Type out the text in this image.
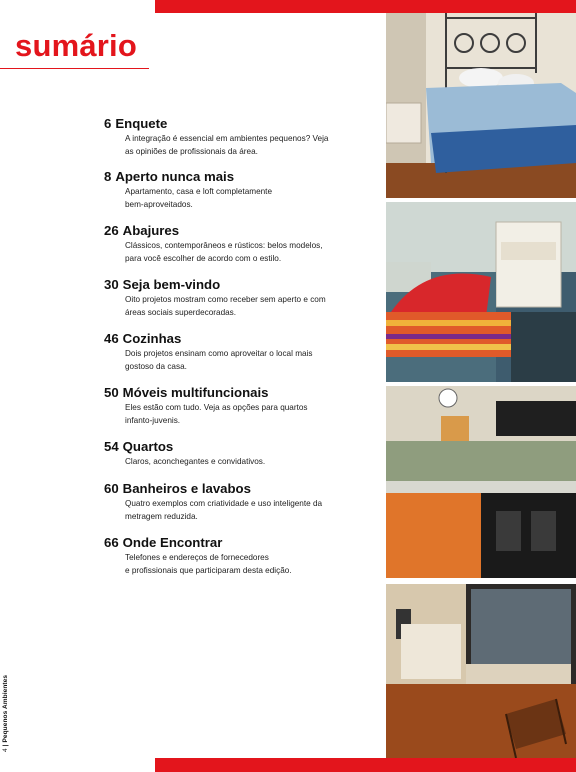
sumário
6 Enquete

A integração é essencial em ambientes pequenos? Veja
as opiniões de profissionais da área.

8 Aperto nunca mais

Apartamento, casa e loft completamente
bem-aproveitados.

26 Abajures

Clássicos, contemporâneos e rústicos: belos modelos,
para você escolher de acordo com o estilo.

30 Seja bem-vindo

Oito projetos mostram como receber sem aperto e com
áreas sociais superdecoradas.

46 Cozinhas

Dois projetos ensinam como aproveitar o local mais
gostoso da casa.

50 Móveis multifuncionais

Eles estão com tudo. Veja as opções para quartos
infanto-juvenis.

54 Quartos

Claros, aconchegantes e convidativos.

60 Banheiros e lavabos

Quatro exemplos com criatividade e uso inteligente da
metragem reduzida.

66 Onde Encontrar

Telefones e endereços de fornecedores
e profissionais que participaram desta edição.

4 | Pequenos Ambientes
